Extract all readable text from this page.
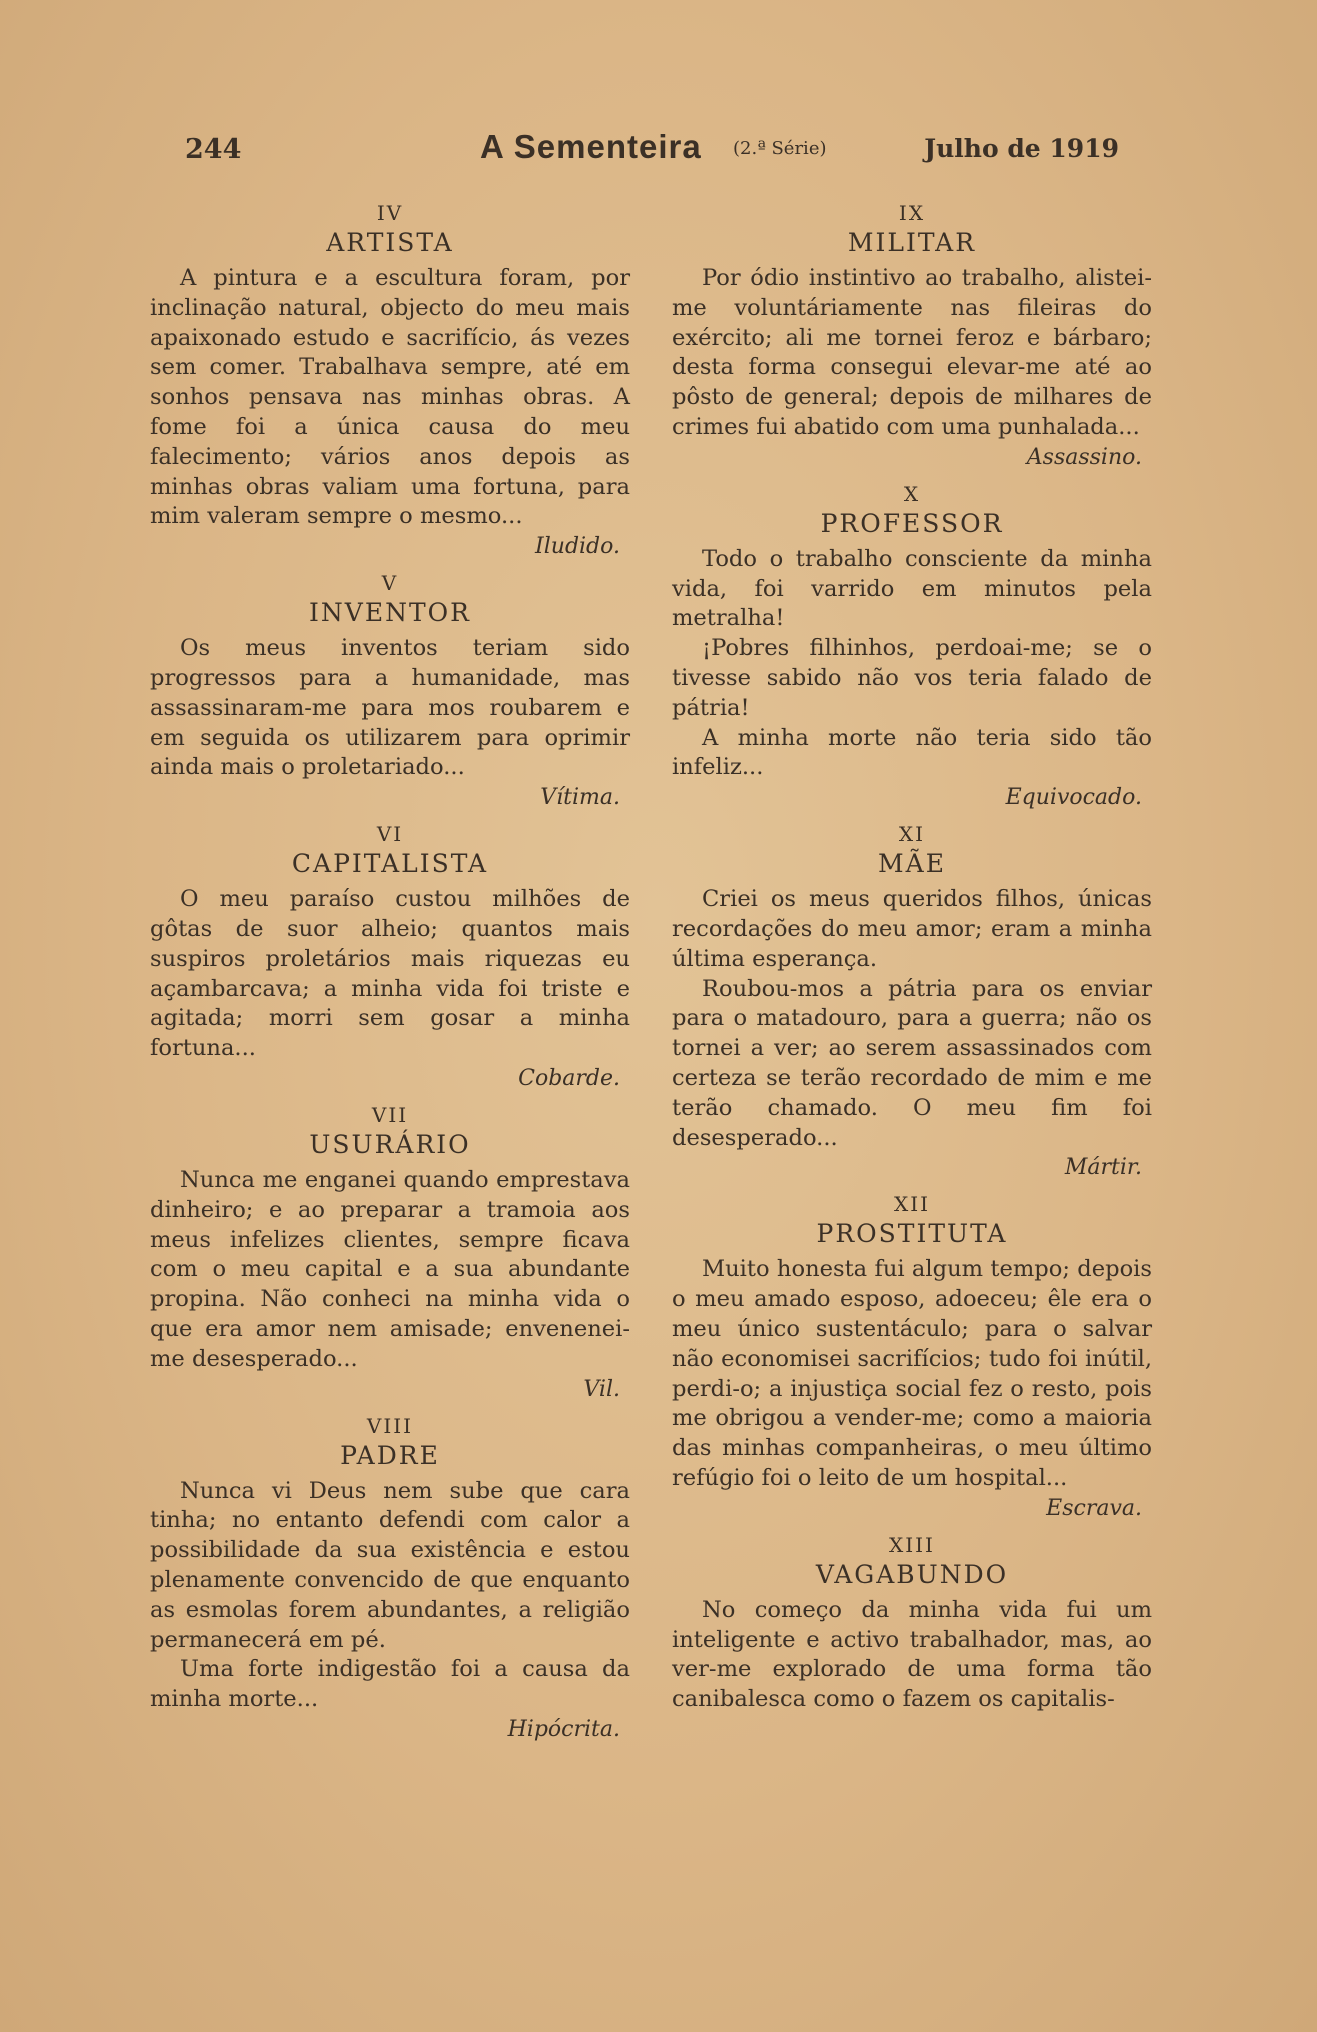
244	A Sementeira (2.ª Série)	Julho de 1919
IV
ARTISTA

A pintura e a escultura foram, por inclinação natural, objecto do meu mais apaixonado estudo e sacrifício, ás vezes sem comer. Trabalhava sempre, até em sonhos pensava nas minhas obras. A fome foi a única causa do meu falecimento; vários anos depois as minhas obras valiam uma fortuna, para mim valeram sempre o mesmo...

Iludido.
V
INVENTOR

Os meus inventos teriam sido progressos para a humanidade, mas assassinaram-me para mos roubarem e em seguida os utilizarem para oprimir ainda mais o proletariado...

Vítima.
VI
CAPITALISTA

O meu paraíso custou milhões de gôtas de suor alheio; quantos mais suspiros proletários mais riquezas eu açambarcava; a minha vida foi triste e agitada; morri sem gosar a minha fortuna...

Cobarde.
VII
USURÁRIO

Nunca me enganei quando emprestava dinheiro; e ao preparar a tramoia aos meus infelizes clientes, sempre ficava com o meu capital e a sua abundante propina. Não conheci na minha vida o que era amor nem amisade; envenenei-me desesperado...

Vil.
VIII
PADRE

Nunca vi Deus nem sube que cara tinha; no entanto defendi com calor a possibilidade da sua existência e estou plenamente convencido de que enquanto as esmolas forem abundantes, a religião permanecerá em pé.

Uma forte indigestão foi a causa da minha morte...

Hipócrita.
IX
MILITAR

Por ódio instintivo ao trabalho, alistei-me voluntáriamente nas fileiras do exército; ali me tornei feroz e bárbaro; desta forma consegui elevar-me até ao pôsto de general; depois de milhares de crimes fui abatido com uma punhalada...

Assassino.
X
PROFESSOR

Todo o trabalho consciente da minha vida, foi varrido em minutos pela metralha!

¡Pobres filhinhos, perdoai-me; se o tivesse sabido não vos teria falado de pátria!

A minha morte não teria sido tão infeliz...

Equivocado.
XI
MÃE

Criei os meus queridos filhos, únicas recordações do meu amor; eram a minha última esperança.

Roubou-mos a pátria para os enviar para o matadouro, para a guerra; não os tornei a ver; ao serem assassinados com certeza se terão recordado de mim e me terão chamado. O meu fim foi desesperado...

Mártir.
XII
PROSTITUTA

Muito honesta fui algum tempo; depois o meu amado esposo, adoeceu; êle era o meu único sustentáculo; para o salvar não economisei sacrifícios; tudo foi inútil, perdi-o; a injustiça social fez o resto, pois me obrigou a vender-me; como a maioria das minhas companheiras, o meu último refúgio foi o leito de um hospital...

Escrava.
XIII
VAGABUNDO

No começo da minha vida fui um inteligente e activo trabalhador, mas, ao ver-me explorado de uma forma tão canibalesca como o fazem os capitalis-
